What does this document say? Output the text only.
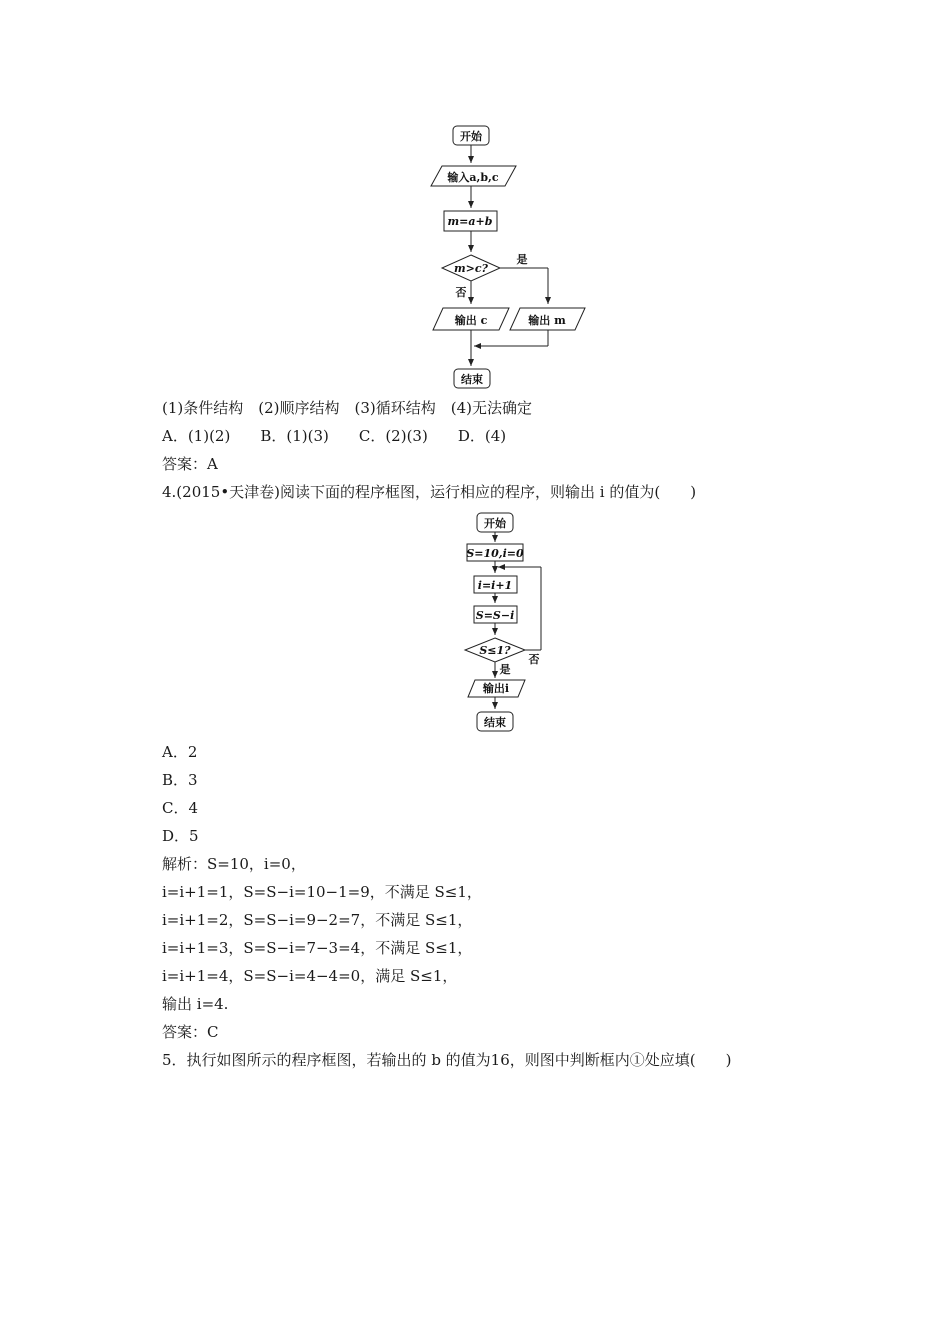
开始
输入a,b,c
m=a+b
m>c?
是
否
输出 c	输出 m
结束
(1)条件结构　(2)顺序结构　(3)循环结构　(4)无法确定
A．(1)(2)　　B．(1)(3)　　C．(2)(3)　　D．(4)
答案：A
4.(2015•天津卷)阅读下面的程序框图，运行相应的程序，则输出 i 的值为(　　)
开始
S=10,i=0
i=i+1
S=S−i
S≤1?
否
是
输出i
结束
A．2
B．3
C．4
D．5
解析：S=10，i=0，
i=i+1=1，S=S−i=10−1=9，不满足 S≤1，
i=i+1=2，S=S−i=9−2=7，不满足 S≤1，
i=i+1=3，S=S−i=7−3=4，不满足 S≤1，
i=i+1=4，S=S−i=4−4=0，满足 S≤1，
输出 i=4.
答案：C
5．执行如图所示的程序框图，若输出的 b 的值为16，则图中判断框内①处应填(　　)
